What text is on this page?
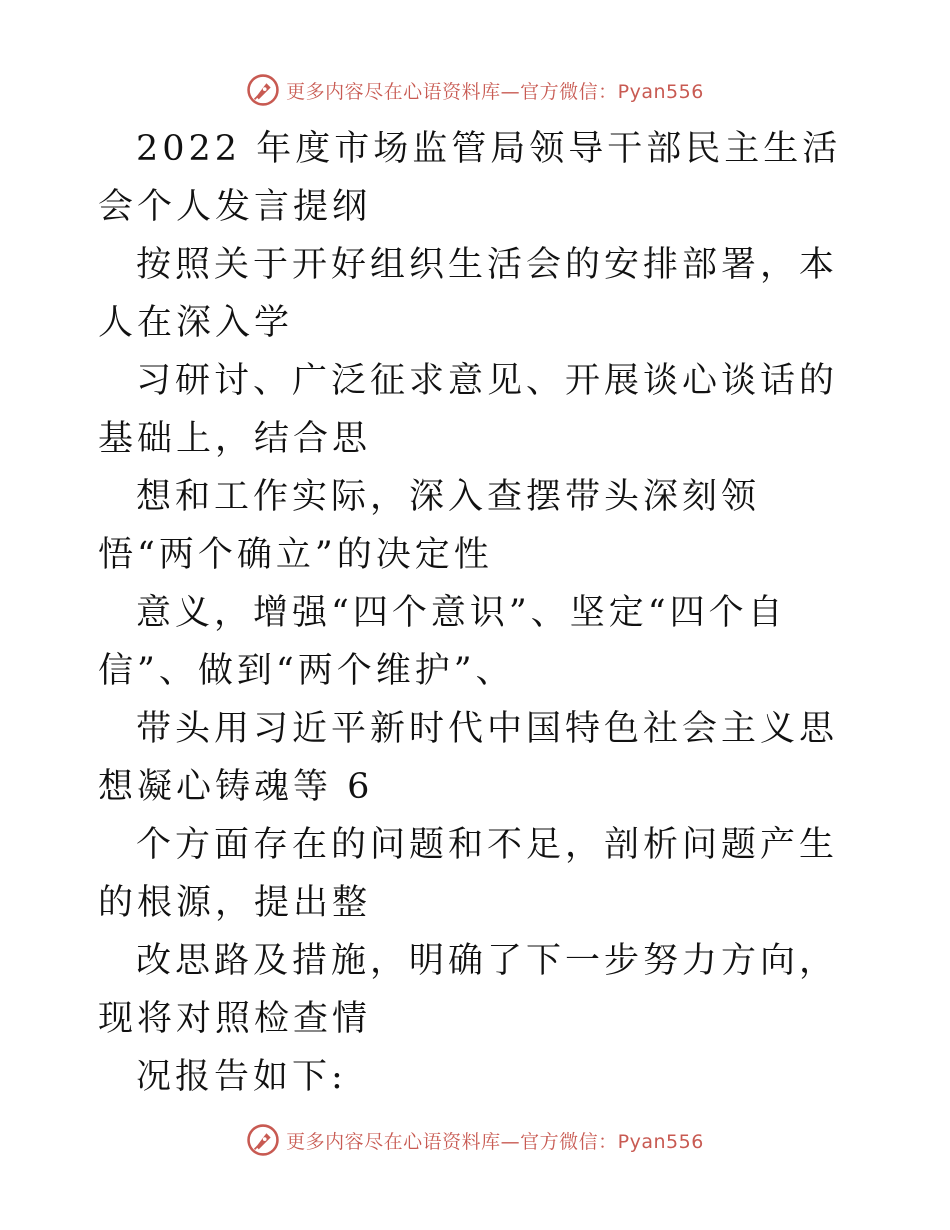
更多内容尽在心语资料库—官方微信：Pyan556

2022 年度市场监管局领导干部民主生活会个人发言提纲

按照关于开好组织生活会的安排部署，本人在深入学

习研讨、广泛征求意见、开展谈心谈话的基础上，结合思

想和工作实际，深入查摆带头深刻领悟“两个确立”的决定性

意义，增强“四个意识”、坚定“四个自信”、做到“两个维护”、

带头用习近平新时代中国特色社会主义思想凝心铸魂等 6

个方面存在的问题和不足，剖析问题产生的根源，提出整

改思路及措施，明确了下一步努力方向，现将对照检查情

况报告如下:

更多内容尽在心语资料库—官方微信：Pyan556
